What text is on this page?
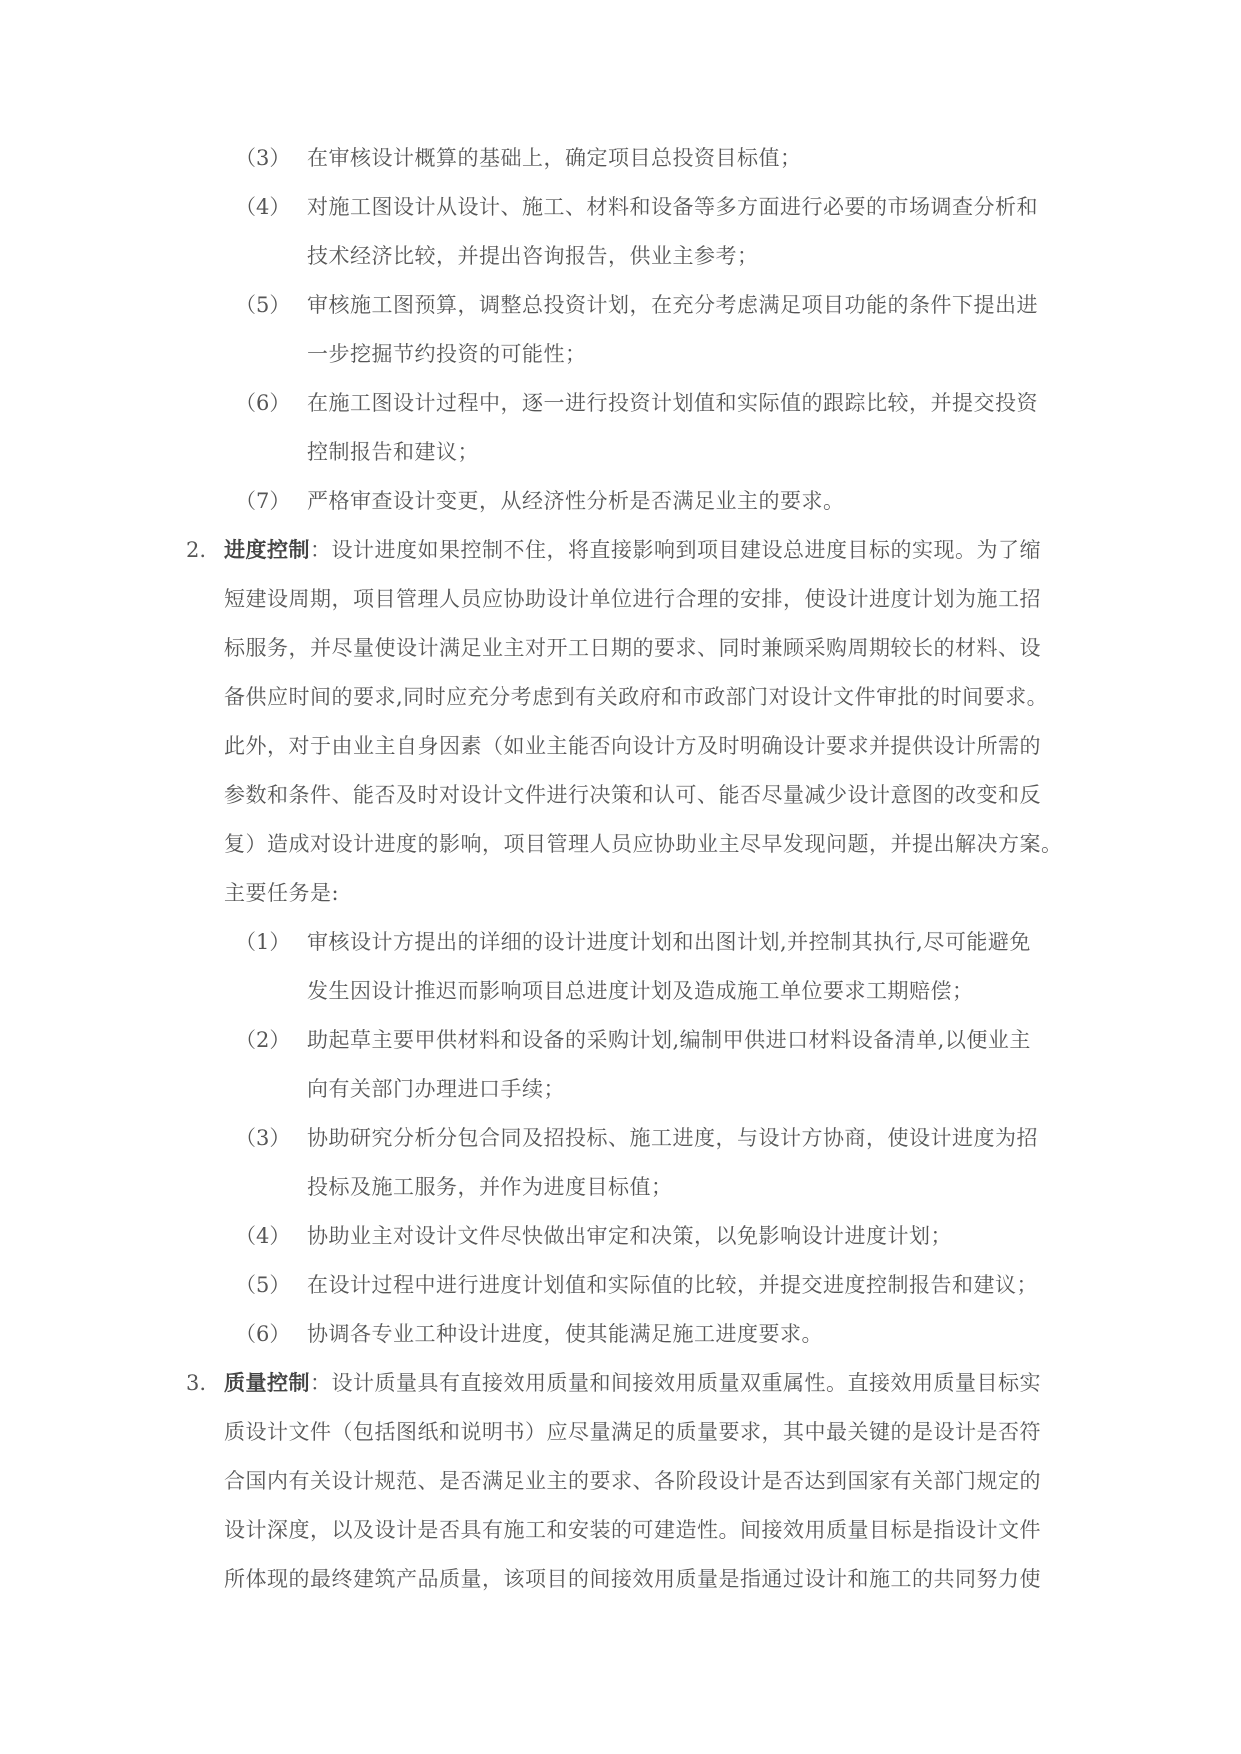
（3） 在审核设计概算的基础上，确定项目总投资目标值；
（4） 对施工图设计从设计、施工、材料和设备等多方面进行必要的市场调查分析和
技术经济比较，并提出咨询报告，供业主参考；
（5） 审核施工图预算，调整总投资计划，在充分考虑满足项目功能的条件下提出进
一步挖掘节约投资的可能性；
（6） 在施工图设计过程中，逐一进行投资计划值和实际值的跟踪比较，并提交投资
控制报告和建议；
（7） 严格审查设计变更，从经济性分析是否满足业主的要求。
2. 进度控制：设计进度如果控制不住，将直接影响到项目建设总进度目标的实现。为了缩
短建设周期，项目管理人员应协助设计单位进行合理的安排，使设计进度计划为施工招
标服务，并尽量使设计满足业主对开工日期的要求、同时兼顾采购周期较长的材料、设
备供应时间的要求,同时应充分考虑到有关政府和市政部门对设计文件审批的时间要求。
此外，对于由业主自身因素（如业主能否向设计方及时明确设计要求并提供设计所需的
参数和条件、能否及时对设计文件进行决策和认可、能否尽量减少设计意图的改变和反
复）造成对设计进度的影响，项目管理人员应协助业主尽早发现问题，并提出解决方案。
主要任务是:
（1） 审核设计方提出的详细的设计进度计划和出图计划,并控制其执行,尽可能避免
发生因设计推迟而影响项目总进度计划及造成施工单位要求工期赔偿；
（2） 助起草主要甲供材料和设备的采购计划,编制甲供进口材料设备清单,以便业主
向有关部门办理进口手续；
（3） 协助研究分析分包合同及招投标、施工进度，与设计方协商，使设计进度为招
投标及施工服务，并作为进度目标值；
（4） 协助业主对设计文件尽快做出审定和决策，以免影响设计进度计划；
（5） 在设计过程中进行进度计划值和实际值的比较，并提交进度控制报告和建议；
（6） 协调各专业工种设计进度，使其能满足施工进度要求。
3. 质量控制：设计质量具有直接效用质量和间接效用质量双重属性。直接效用质量目标实
质设计文件（包括图纸和说明书）应尽量满足的质量要求，其中最关键的是设计是否符
合国内有关设计规范、是否满足业主的要求、各阶段设计是否达到国家有关部门规定的
设计深度，以及设计是否具有施工和安装的可建造性。间接效用质量目标是指设计文件
所体现的最终建筑产品质量，该项目的间接效用质量是指通过设计和施工的共同努力使
